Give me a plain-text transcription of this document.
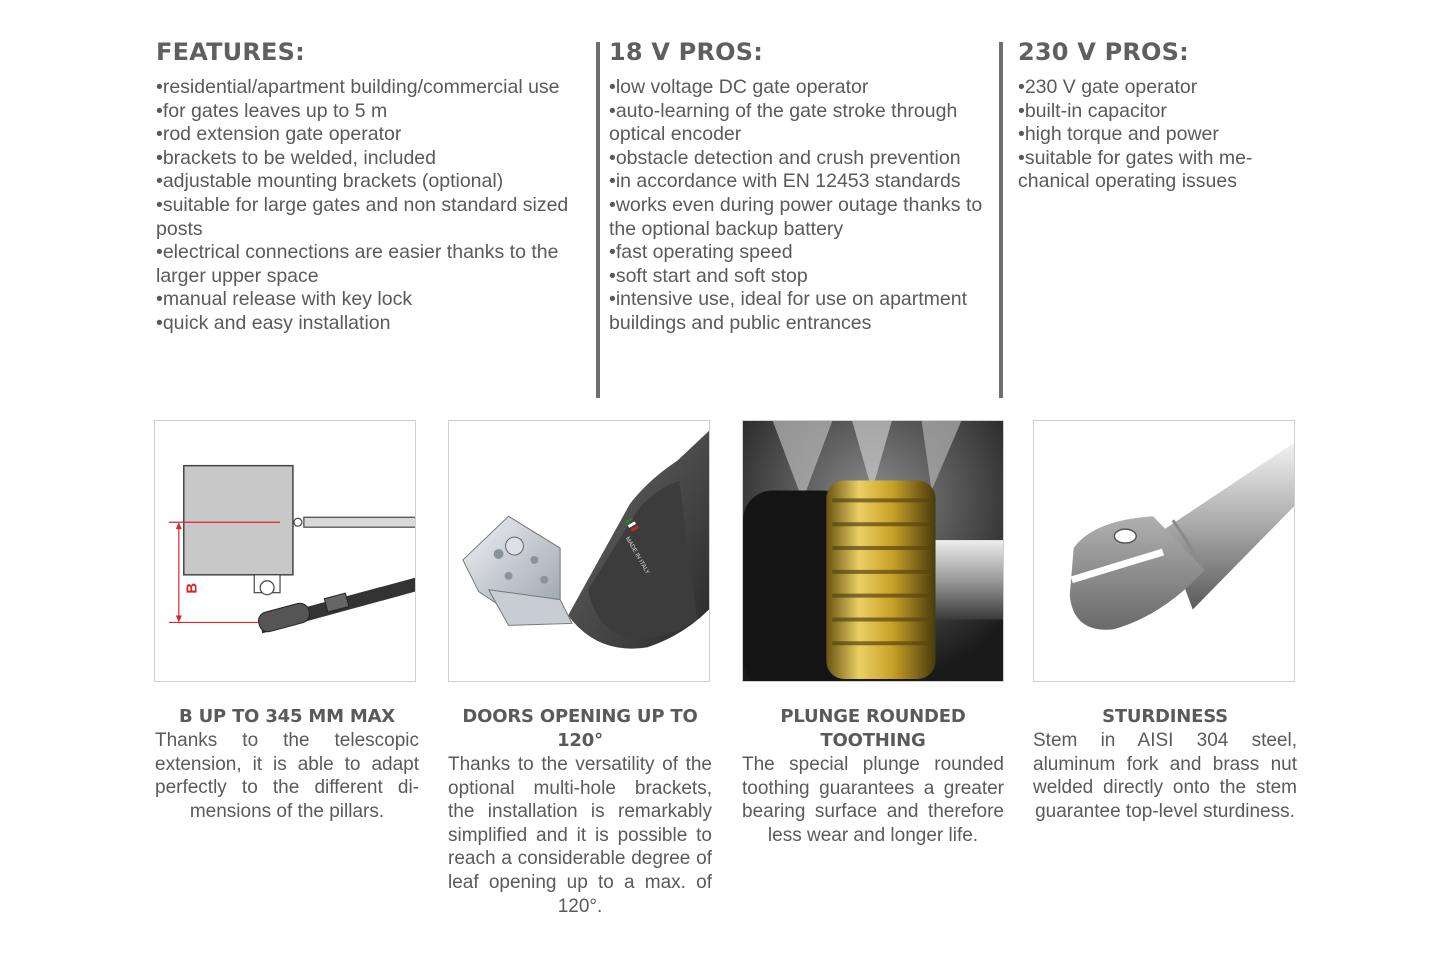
FEATURES:
• residential/apartment building/commercial use
• for gates leaves up to 5 m
• rod extension gate operator
• brackets to be welded, included
• adjustable mounting brackets (optional)
• suitable for large gates and non standard sized posts
• electrical connections are easier thanks to the larger upper space
• manual release with key lock
• quick and easy installation
18 V PROS:
• low voltage DC gate operator
• auto-learning of the gate stroke through optical encoder
• obstacle detection and crush prevention
• in accordance with EN 12453 standards
• works even during power outage thanks to the optional backup battery
• fast operating speed
• soft start and soft stop
• intensive use, ideal for use on apartment buildings and public entrances
230 V PROS:
• 230 V gate operator
• built-in capacitor
• high torque and power
• suitable for gates with me-chanical operating issues
B
MADE IN ITALY
B UP TO 345 MM MAX

Thanks to the telescopic extension, it is able to adapt perfectly to the different di-mensions of the pillars.

DOORS OPENING UP TO 120°

Thanks to the versatility of the optional multi-hole brackets, the installation is remarkably simplified and it is possible to reach a considerable degree of leaf opening up to a max. of 120°.

PLUNGE ROUNDED TOOTHING

The special plunge rounded toothing guarantees a greater bearing surface and therefore less wear and longer life.

STURDINESS

Stem in AISI 304 steel, aluminum fork and brass nut welded directly onto the stem guarantee top-level sturdiness.
